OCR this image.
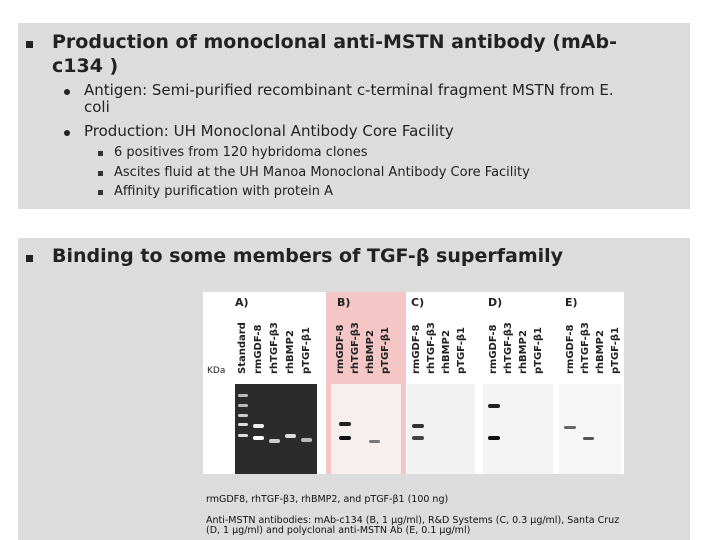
Production of monoclonal anti-MSTN antibody (mAb-
c134 )
Antigen: Semi-purified recombinant c-terminal fragment MSTN from E.
coli
Production: UH Monoclonal Antibody Core Facility
6 positives from 120 hybridoma clones
Ascites fluid at the UH Manoa Monoclonal Antibody Core Facility
Affinity purification with protein A
Binding to some members of TGF-β superfamily
A)	B)	C)	D)	E)
KDa Standard rmGDF-8 rhTGF-β3 rhBMP2 pTGF-β1 rmGDF-8 rhTGF-β3 rhBMP2 pTGF-β1 rmGDF-8 rhTGF-β3 rhBMP2 pTGF-β1 rmGDF-8 rhTGF-β3 rhBMP2 pTGF-β1 rmGDF-8 rhTGF-β3 rhBMP2 pTGF-β1
rmGDF8, rhTGF-β3, rhBMP2, and pTGF-β1 (100 ng)
Anti-MSTN antibodies: mAb-c134 (B, 1 μg/ml), R&D Systems (C, 0.3 μg/ml), Santa Cruz
(D, 1 μg/ml) and polyclonal anti-MSTN Ab (E, 0.1 μg/ml)
